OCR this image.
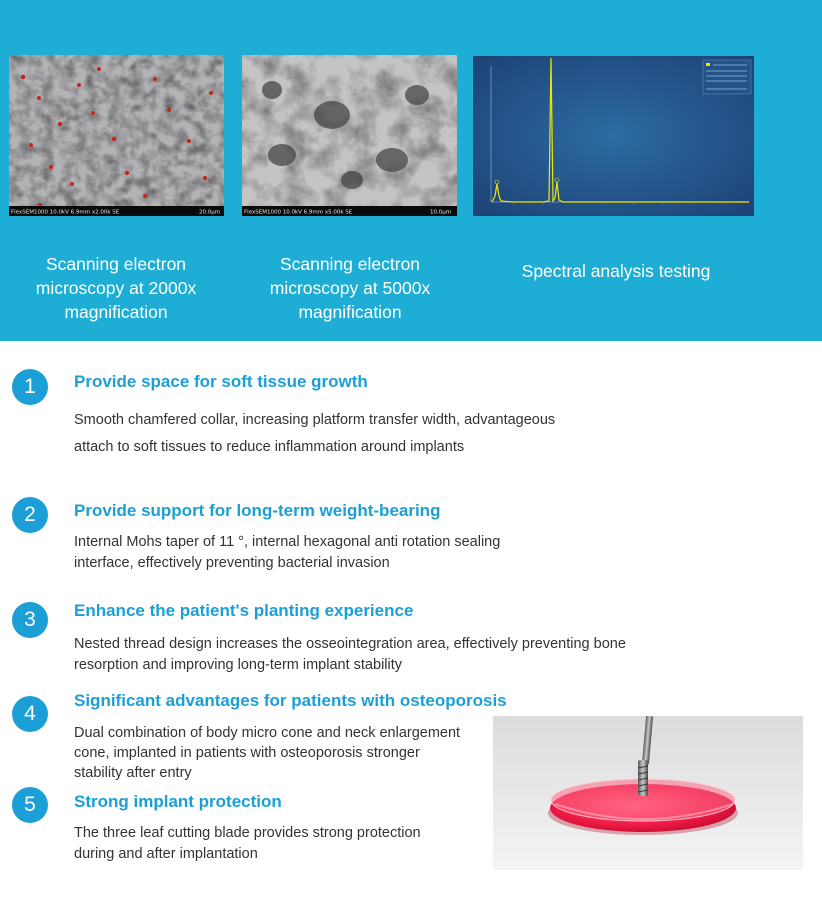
FlexSEM1000 10.0kV 6.9mm x2.00k SE	20.0µm	FlexSEM1000 10.0kV 6.9mm x5.00k SE	10.0µm
Scanning electron
microscopy at 2000x
magnification
Scanning electron
microscopy at 5000x
magnification
Spectral analysis testing
1	Provide space for soft tissue growth
Smooth chamfered collar, increasing platform transfer width, advantageous
attach to soft tissues to reduce inflammation around implants
2	Provide support for long-term weight-bearing
Internal Mohs taper of 11 °, internal hexagonal anti rotation sealing
interface, effectively preventing bacterial invasion
3	Enhance the patient's planting experience
Nested thread design increases the osseointegration area, effectively preventing bone
resorption and improving long-term implant stability
4
Significant advantages for patients with osteoporosis
Dual combination of body micro cone and neck enlargement
cone, implanted in patients with osteoporosis stronger
stability after entry
5	Strong implant protection
The three leaf cutting blade provides strong protection
during and after implantation
